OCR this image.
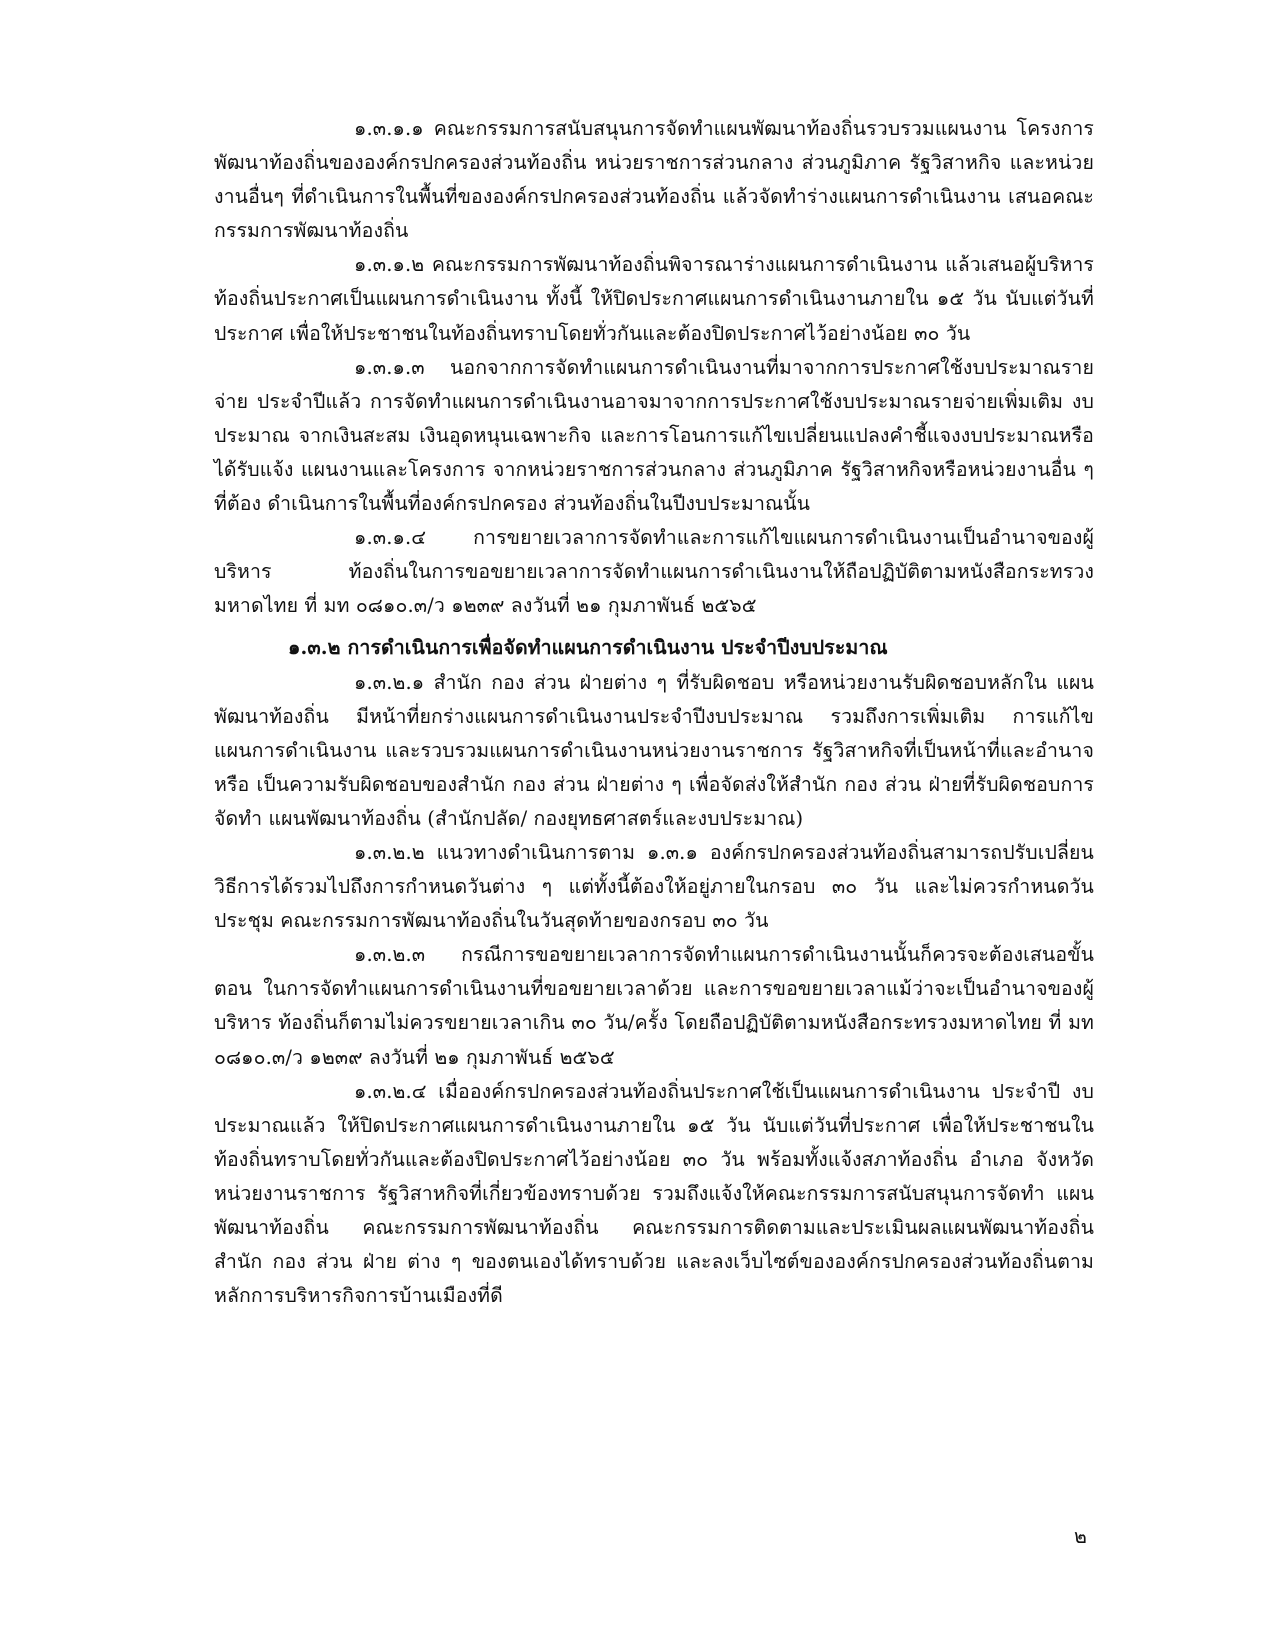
๑.๓.๑.๑ คณะกรรมการสนับสนุนการจัดทำแผนพัฒนาท้องถิ่นรวบรวมแผนงาน โครงการพัฒนาท้องถิ่นขององค์กรปกครองส่วนท้องถิ่น หน่วยราชการส่วนกลาง ส่วนภูมิภาค รัฐวิสาหกิจ และหน่วยงานอื่นๆ ที่ดำเนินการในพื้นที่ขององค์กรปกครองส่วนท้องถิ่น แล้วจัดทำร่างแผนการดำเนินงาน เสนอคณะกรรมการพัฒนาท้องถิ่น

๑.๓.๑.๒ คณะกรรมการพัฒนาท้องถิ่นพิจารณาร่างแผนการดำเนินงาน แล้วเสนอผู้บริหาร ท้องถิ่นประกาศเป็นแผนการดำเนินงาน ทั้งนี้ ให้ปิดประกาศแผนการดำเนินงานภายใน ๑๕ วัน นับแต่วันที่ ประกาศ เพื่อให้ประชาชนในท้องถิ่นทราบโดยทั่วกันและต้องปิดประกาศไว้อย่างน้อย ๓๐ วัน

๑.๓.๑.๓ นอกจากการจัดทำแผนการดำเนินงานที่มาจากการประกาศใช้งบประมาณรายจ่าย ประจำปีแล้ว การจัดทำแผนการดำเนินงานอาจมาจากการประกาศใช้งบประมาณรายจ่ายเพิ่มเติม งบประมาณ จากเงินสะสม เงินอุดหนุนเฉพาะกิจ และการโอนการแก้ไขเปลี่ยนแปลงคำชี้แจงงบประมาณหรือได้รับแจ้ง แผนงานและโครงการ จากหน่วยราชการส่วนกลาง ส่วนภูมิภาค รัฐวิสาหกิจหรือหน่วยงานอื่น ๆ ที่ต้อง ดำเนินการในพื้นที่องค์กรปกครอง ส่วนท้องถิ่นในปีงบประมาณนั้น

๑.๓.๑.๔ การขยายเวลาการจัดทำและการแก้ไขแผนการดำเนินงานเป็นอำนาจของผู้บริหาร ท้องถิ่นในการขอขยายเวลาการจัดทำแผนการดำเนินงานให้ถือปฏิบัติตามหนังสือกระทรวงมหาดไทย ที่ มท ๐๘๑๐.๓/ว ๑๒๓๙ ลงวันที่ ๒๑ กุมภาพันธ์ ๒๕๖๕

๑.๓.๒ การดำเนินการเพื่อจัดทำแผนการดำเนินงาน ประจำปีงบประมาณ

๑.๓.๒.๑ สำนัก กอง ส่วน ฝ่ายต่าง ๆ ที่รับผิดชอบ หรือหน่วยงานรับผิดชอบหลักใน แผนพัฒนาท้องถิ่น มีหน้าที่ยกร่างแผนการดำเนินงานประจำปีงบประมาณ รวมถึงการเพิ่มเติม การแก้ไข แผนการดำเนินงาน และรวบรวมแผนการดำเนินงานหน่วยงานราชการ รัฐวิสาหกิจที่เป็นหน้าที่และอำนาจหรือ เป็นความรับผิดชอบของสำนัก กอง ส่วน ฝ่ายต่าง ๆ เพื่อจัดส่งให้สำนัก กอง ส่วน ฝ่ายที่รับผิดชอบการจัดทำ แผนพัฒนาท้องถิ่น (สำนักปลัด/ กองยุทธศาสตร์และงบประมาณ)

๑.๓.๒.๒ แนวทางดำเนินการตาม ๑.๓.๑ องค์กรปกครองส่วนท้องถิ่นสามารถปรับเปลี่ยน วิธีการได้รวมไปถึงการกำหนดวันต่าง ๆ แต่ทั้งนี้ต้องให้อยู่ภายในกรอบ ๓๐ วัน และไม่ควรกำหนดวันประชุม คณะกรรมการพัฒนาท้องถิ่นในวันสุดท้ายของกรอบ ๓๐ วัน

๑.๓.๒.๓ กรณีการขอขยายเวลาการจัดทำแผนการดำเนินงานนั้นก็ควรจะต้องเสนอขั้นตอน ในการจัดทำแผนการดำเนินงานที่ขอขยายเวลาด้วย และการขอขยายเวลาแม้ว่าจะเป็นอำนาจของผู้บริหาร ท้องถิ่นก็ตามไม่ควรขยายเวลาเกิน ๓๐ วัน/ครั้ง โดยถือปฏิบัติตามหนังสือกระทรวงมหาดไทย ที่ มท ๐๘๑๐.๓/ว ๑๒๓๙ ลงวันที่ ๒๑ กุมภาพันธ์ ๒๕๖๕

๑.๓.๒.๔ เมื่อองค์กรปกครองส่วนท้องถิ่นประกาศใช้เป็นแผนการดำเนินงาน ประจำปี งบประมาณแล้ว ให้ปิดประกาศแผนการดำเนินงานภายใน ๑๕ วัน นับแต่วันที่ประกาศ เพื่อให้ประชาชนใน ท้องถิ่นทราบโดยทั่วกันและต้องปิดประกาศไว้อย่างน้อย ๓๐ วัน พร้อมทั้งแจ้งสภาท้องถิ่น อำเภอ จังหวัด หน่วยงานราชการ รัฐวิสาหกิจที่เกี่ยวข้องทราบด้วย รวมถึงแจ้งให้คณะกรรมการสนับสนุนการจัดทำ แผนพัฒนาท้องถิ่น คณะกรรมการพัฒนาท้องถิ่น คณะกรรมการติดตามและประเมินผลแผนพัฒนาท้องถิ่น สำนัก กอง ส่วน ฝ่าย ต่าง ๆ ของตนเองได้ทราบด้วย และลงเว็บไซต์ขององค์กรปกครองส่วนท้องถิ่นตาม หลักการบริหารกิจการบ้านเมืองที่ดี

๒
